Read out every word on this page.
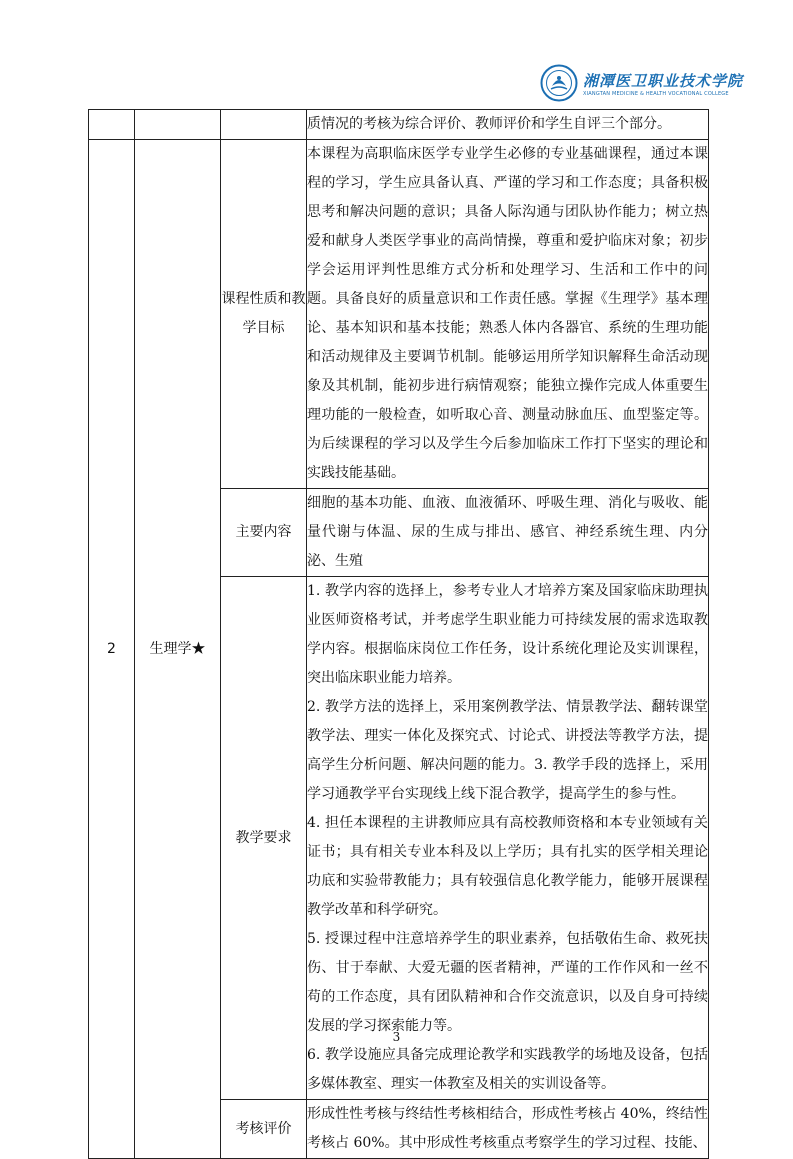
湘潭医卫职业技术学院
XIANGTAN MEDICINE & HEALTH VOCATIONAL COLLEGE

			质情况的考核为综合评价、教师评价和学生自评三个部分。

2	生理学★	课程性质和教学目标	本课程为高职临床医学专业学生必修的专业基础课程，通过本课程的学习，学生应具备认真、严谨的学习和工作态度；具备积极思考和解决问题的意识；具备人际沟通与团队协作能力；树立热爱和献身人类医学事业的高尚情操，尊重和爱护临床对象；初步学会运用评判性思维方式分析和处理学习、生活和工作中的问题。具备良好的质量意识和工作责任感。掌握《生理学》基本理论、基本知识和基本技能；熟悉人体内各器官、系统的生理功能和活动规律及主要调节机制。能够运用所学知识解释生命活动现象及其机制，能初步进行病情观察；能独立操作完成人体重要生理功能的一般检查，如听取心音、测量动脉血压、血型鉴定等。为后续课程的学习以及学生今后参加临床工作打下坚实的理论和实践技能基础。

		主要内容	细胞的基本功能、血液、血液循环、呼吸生理、消化与吸收、能量代谢与体温、尿的生成与排出、感官、神经系统生理、内分泌、生殖

		教学要求	1. 教学内容的选择上，参考专业人才培养方案及国家临床助理执业医师资格考试，并考虑学生职业能力可持续发展的需求选取教学内容。根据临床岗位工作任务，设计系统化理论及实训课程，突出临床职业能力培养。

2. 教学方法的选择上，采用案例教学法、情景教学法、翻转课堂教学法、理实一体化及探究式、讨论式、讲授法等教学方法，提高学生分析问题、解决问题的能力。3. 教学手段的选择上，采用学习通教学平台实现线上线下混合教学，提高学生的参与性。

4. 担任本课程的主讲教师应具有高校教师资格和本专业领域有关证书；具有相关专业本科及以上学历；具有扎实的医学相关理论功底和实验带教能力；具有较强信息化教学能力，能够开展课程教学改革和科学研究。

5. 授课过程中注意培养学生的职业素养，包括敬佑生命、救死扶伤、甘于奉献、大爱无疆的医者精神，严谨的工作作风和一丝不苟的工作态度，具有团队精神和合作交流意识，以及自身可持续发展的学习探索能力等。

6. 教学设施应具备完成理论教学和实践教学的场地及设备，包括多媒体教室、理实一体教室及相关的实训设备等。

		考核评价	形成性性考核与终结性考核相结合，形成性考核占 40%，终结性考核占 60%。其中形成性考核重点考察学生的学习过程、技能、

3
